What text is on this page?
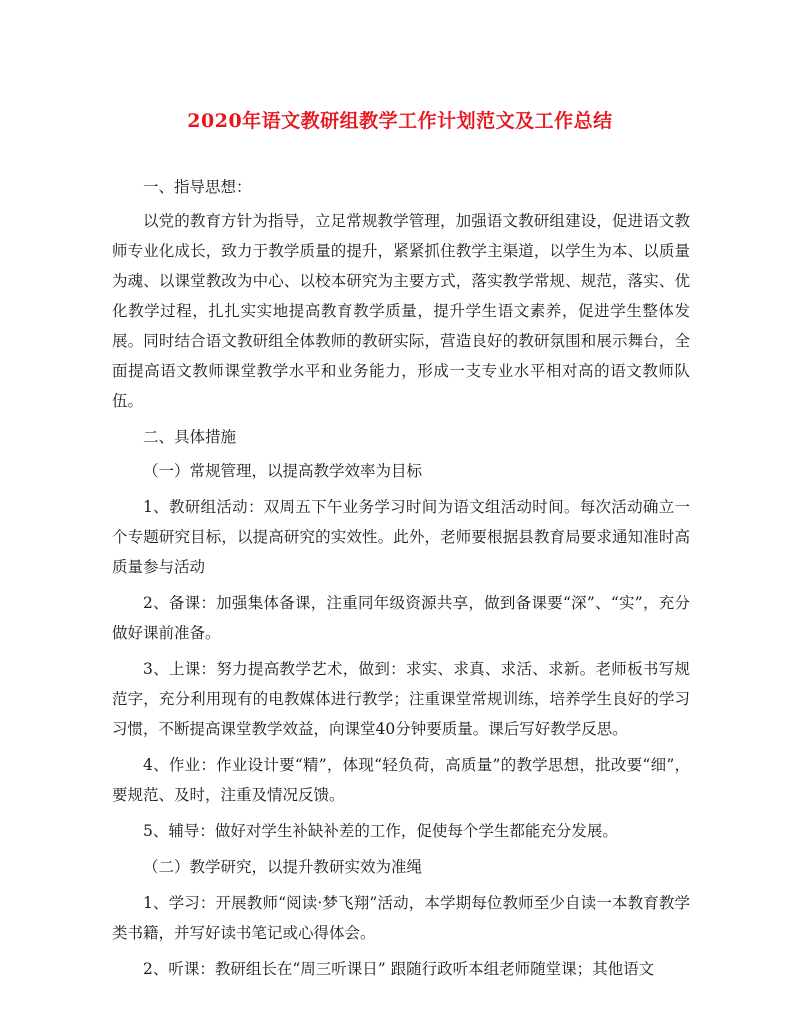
2020年语文教研组教学工作计划范文及工作总结

一、指导思想：

以党的教育方针为指导，立足常规教学管理，加强语文教研组建设，促进语文教师专业化成长，致力于教学质量的提升，紧紧抓住教学主渠道，以学生为本、以质量为魂、以课堂教改为中心、以校本研究为主要方式，落实教学常规、规范，落实、优化教学过程，扎扎实实地提高教育教学质量，提升学生语文素养，促进学生整体发展。同时结合语文教研组全体教师的教研实际，营造良好的教研氛围和展示舞台，全面提高语文教师课堂教学水平和业务能力，形成一支专业水平相对高的语文教师队伍。

二、具体措施

（一）常规管理，以提高教学效率为目标

1、教研组活动：双周五下午业务学习时间为语文组活动时间。每次活动确立一个专题研究目标，以提高研究的实效性。此外，老师要根据县教育局要求通知准时高质量参与活动

2、备课：加强集体备课，注重同年级资源共享，做到备课要“深”、“实”，充分做好课前准备。

3、上课：努力提高教学艺术，做到：求实、求真、求活、求新。老师板书写规范字，充分利用现有的电教媒体进行教学；注重课堂常规训练，培养学生良好的学习习惯，不断提高课堂教学效益，向课堂40分钟要质量。课后写好教学反思。

4、作业：作业设计要“精”，体现“轻负荷，高质量”的教学思想，批改要“细”，要规范、及时，注重及情况反馈。

5、辅导：做好对学生补缺补差的工作，促使每个学生都能充分发展。

（二）教学研究，以提升教研实效为准绳

1、学习：开展教师“阅读·梦飞翔”活动，本学期每位教师至少自读一本教育教学类书籍，并写好读书笔记或心得体会。

2、听课：教研组长在“周三听课日” 跟随行政听本组老师随堂课；其他语文
